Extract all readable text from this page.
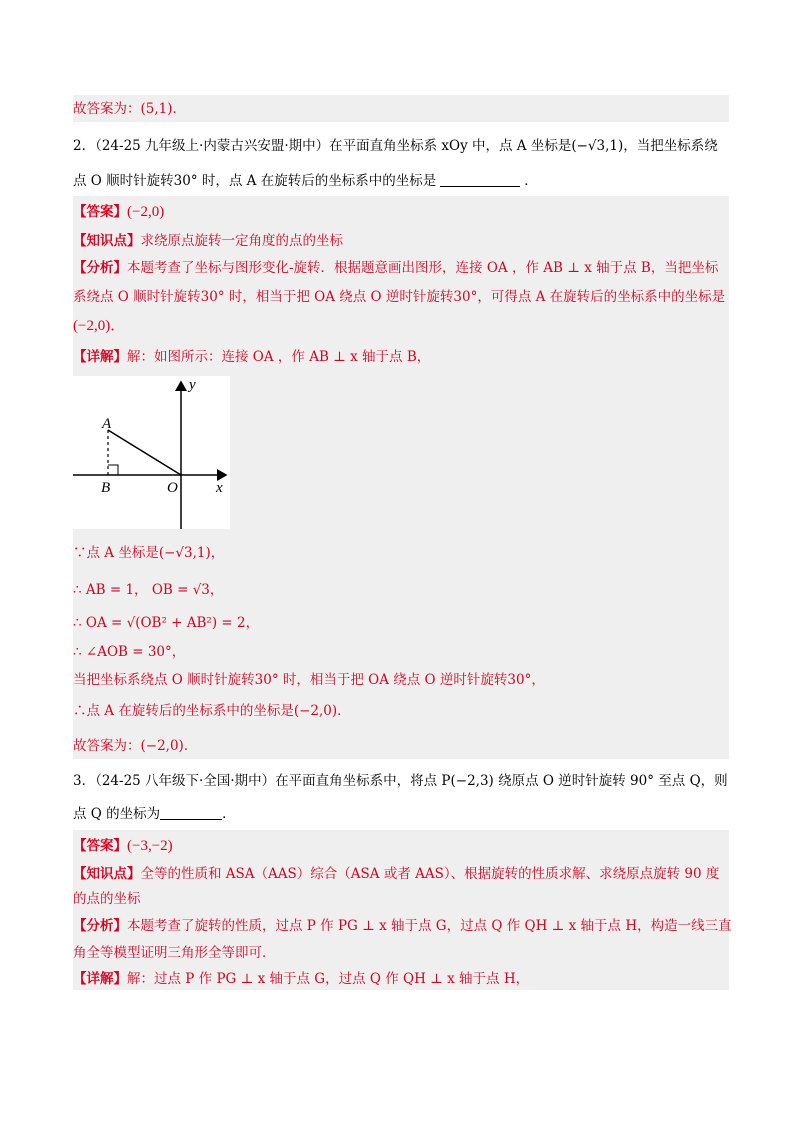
故答案为：(5,1)．
2．（24-25 九年级上·内蒙古兴安盟·期中）在平面直角坐标系 xOy 中，点 A 坐标是(−√3,1)，当把坐标系绕
点 O 顺时针旋转30° 时，点 A 在旋转后的坐标系中的坐标是	．
【答案】(−2,0)
【知识点】求绕原点旋转一定角度的点的坐标
【分析】本题考查了坐标与图形变化-旋转．根据题意画出图形，连接 OA ，作 AB ⊥ x 轴于点 B，当把坐标
系绕点 O 顺时针旋转30° 时，相当于把 OA 绕点 O 逆时针旋转30°，可得点 A 在旋转后的坐标系中的坐标是
(−2,0)．
【详解】解：如图所示：连接 OA ，作 AB ⊥ x 轴于点 B，
y
A
B	O	x
∵点 A 坐标是(−√3,1)，
∴ AB = 1， OB = √3，
∴ OA = √(OB² + AB²) = 2，
∴ ∠AOB = 30°，
当把坐标系绕点 O 顺时针旋转30° 时，相当于把 OA 绕点 O 逆时针旋转30°，
∴点 A 在旋转后的坐标系中的坐标是(−2,0)．
故答案为：(−2,0)．
3．（24-25 八年级下·全国·期中）在平面直角坐标系中，将点 P(−2,3) 绕原点 O 逆时针旋转 90° 至点 Q，则
点 Q 的坐标为	．
【答案】(−3,−2)
【知识点】全等的性质和 ASA（AAS）综合（ASA 或者 AAS）、根据旋转的性质求解、求绕原点旋转 90 度
的点的坐标
【分析】本题考查了旋转的性质，过点 P 作 PG ⊥ x 轴于点 G，过点 Q 作 QH ⊥ x 轴于点 H，构造一线三直
角全等模型证明三角形全等即可．
【详解】解：过点 P 作 PG ⊥ x 轴于点 G，过点 Q 作 QH ⊥ x 轴于点 H，
